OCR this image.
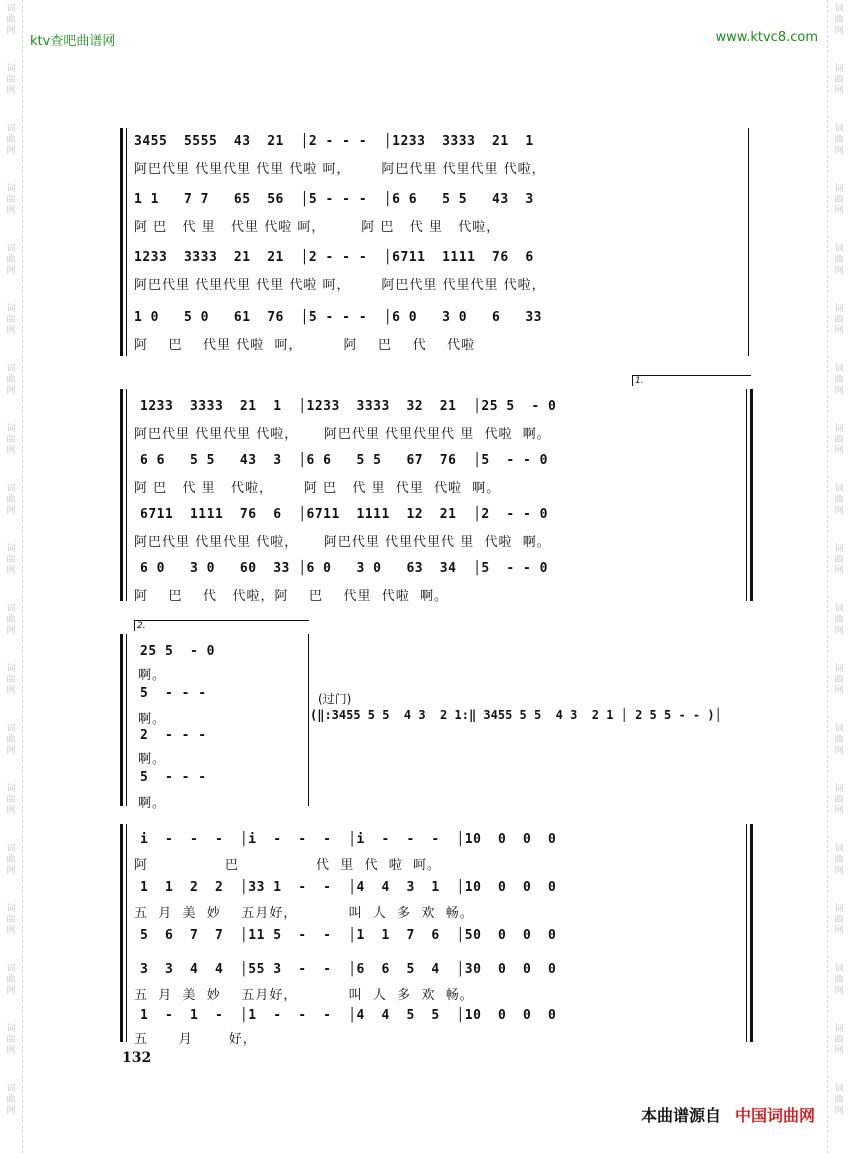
词
曲
网
词
曲
网
词
曲
网
词
曲
网
词
曲
网
词
曲
网
词
曲
网
词
曲
网
词
曲
网
词
曲
网
词
曲
网
词
曲
网
词
曲
网
词
曲
网
词
曲
网
词
曲
网
词
曲
网
词
曲
网
词
曲
网
词
曲
网
词
曲
网
词
曲
网
词
曲
网
词
曲
网
词
曲
网
词
曲
网
词
曲
网
词
曲
网
词
曲
网
词
曲
网
词
曲
网
词
曲
网
词
曲
网
词
曲
网
词
曲
网
词
曲
网
词
曲
网
词
曲
网
ktv查吧曲谱网	www.ktvc8.com
3455  5555  43  21  │2 - - -  │1233  3333  21  1
阿巴代里 代里代里 代里 代啦 呵，      阿巴代里 代里代里 代啦，
1 1   7 7   65  56  │5 - - -  │6 6   5 5   43  3
阿 巴   代 里   代里 代啦 呵，       阿 巴   代 里   代啦，
1233  3333  21  21  │2 - - -  │6711  1111  76  6
阿巴代里 代里代里 代里 代啦 呵，      阿巴代里 代里代里 代啦，
1 0   5 0   61  76  │5 - - -  │6 0   3 0   6   33
阿    巴    代里 代啦  呵，        阿    巴    代    代啦
1.
1233  3333  21  1  │1233  3333  32  21  │25 5  - 0
阿巴代里 代里代里 代啦，     阿巴代里 代里代里代 里  代啦  啊。
6 6   5 5   43  3  │6 6   5 5   67  76  │5  - - 0
阿 巴   代 里   代啦，      阿 巴   代 里  代里  代啦  啊。
6711  1111  76  6  │6711  1111  12  21  │2  - - 0
阿巴代里 代里代里 代啦，     阿巴代里 代里代里代 里  代啦  啊。
6 0   3 0   60  33 │6 0   3 0   63  34  │5  - - 0
阿    巴    代   代啦，阿    巴    代里  代啦  啊。
2.
25 5  - 0
啊。
5  - - -
啊。
2  - - -
啊。
5  - - -
啊。
(过门)
(‖:3455 5 5  4 3  2 1:‖ 3455 5 5  4 3  2 1 │ 2 5 5 - - )│
i  -  -  -  │i  -  -  -  │i  -  -  -  │10  0  0  0
阿               巴               代  里  代  啦  呵。
1  1  2  2  │33 1  -  -  │4  4  3  1  │10  0  0  0
五  月  美  妙    五月好，          叫  人  多  欢  畅。
5  6  7  7  │11 5  -  -  │1  1  7  6  │50  0  0  0
3  3  4  4  │55 3  -  -  │6  6  5  4  │30  0  0  0
五  月  美  妙    五月好，          叫  人  多  欢  畅。
1  -  1  -  │1  -  -  -  │4  4  5  5  │10  0  0  0
五      月       好，
132
本曲谱源自 中国词曲网
